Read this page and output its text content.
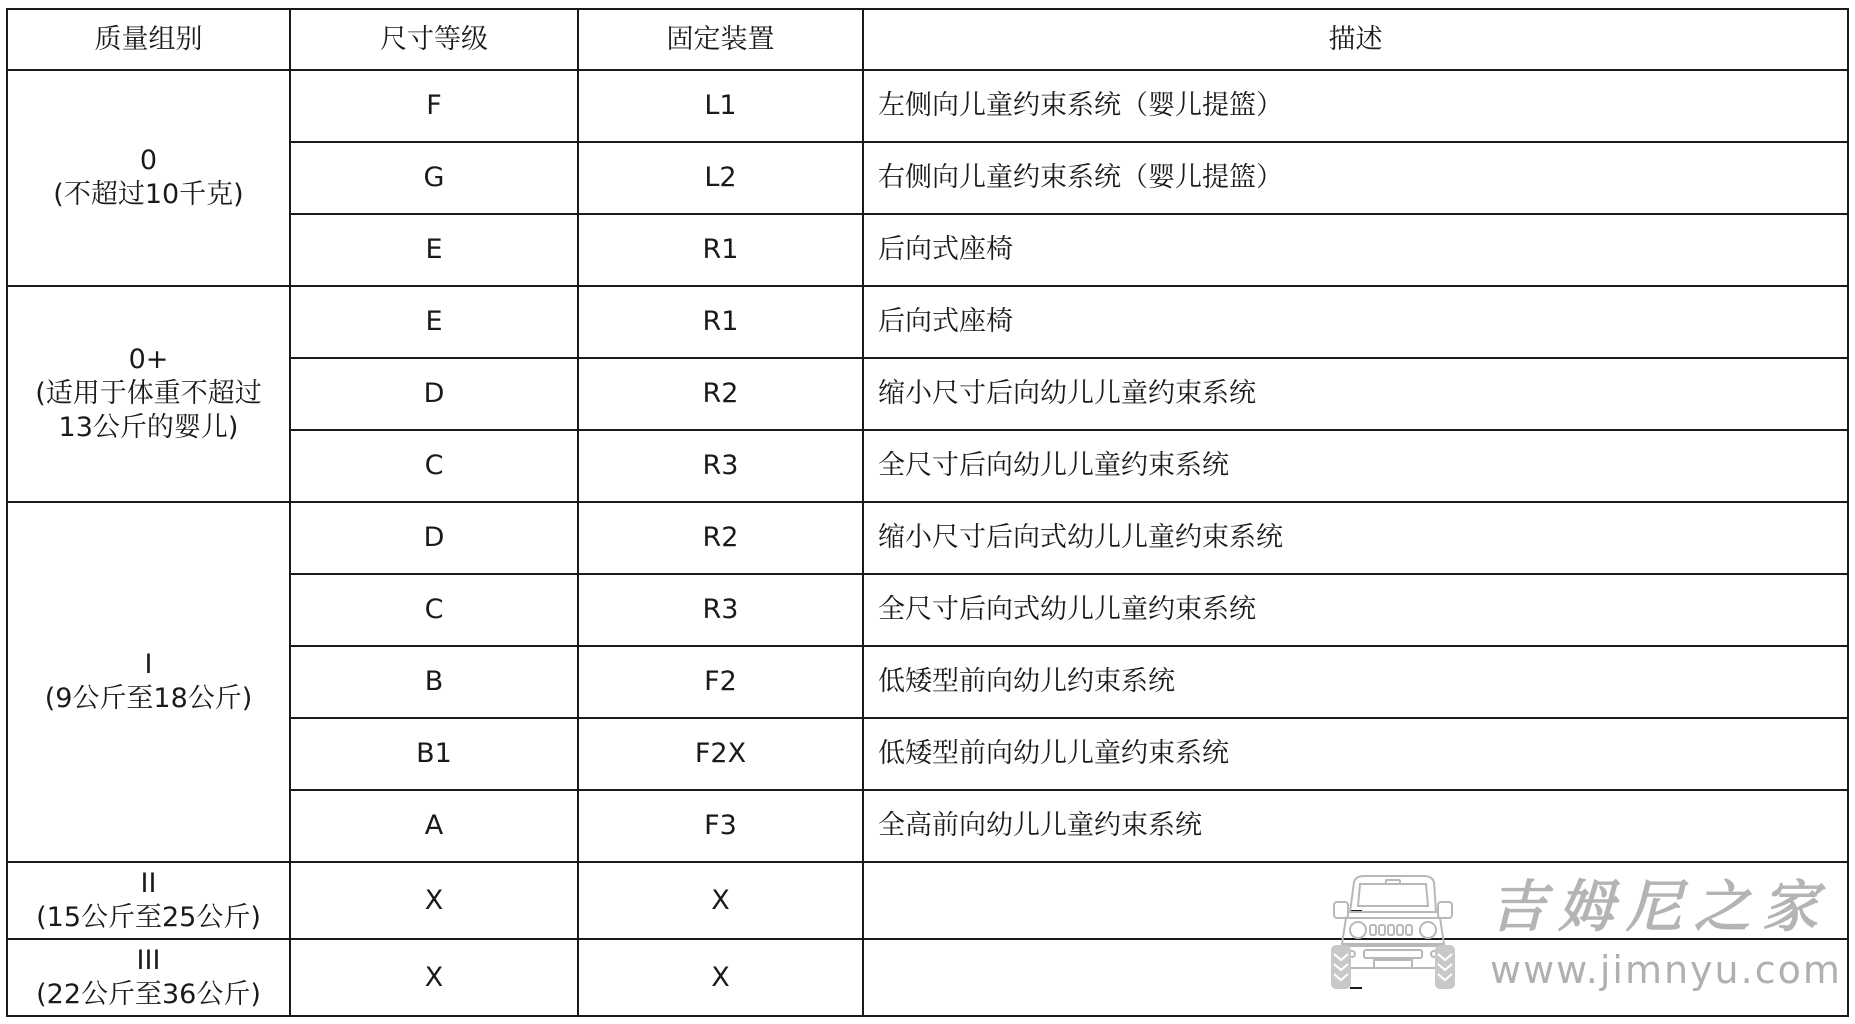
质量组别	尺寸等级	固定装置	描述

0
(不超过10千克)	F	L1	左侧向儿童约束系统（婴儿提篮）
	G	L2	右侧向儿童约束系统（婴儿提篮）
	E	R1	后向式座椅

0+
(适用于体重不超过13公斤的婴儿)	E	R1	后向式座椅
	D	R2	缩小尺寸后向幼儿儿童约束系统
	C	R3	全尺寸后向幼儿儿童约束系统

I
(9公斤至18公斤)	D	R2	缩小尺寸后向式幼儿儿童约束系统
	C	R3	全尺寸后向式幼儿儿童约束系统
	B	F2	低矮型前向幼儿约束系统
	B1	F2X	低矮型前向幼儿儿童约束系统
	A	F3	全高前向幼儿儿童约束系统

II
(15公斤至25公斤)	X	X	

III
(22公斤至36公斤)	X	X	
吉姆尼之家
www.jimnyu.com
